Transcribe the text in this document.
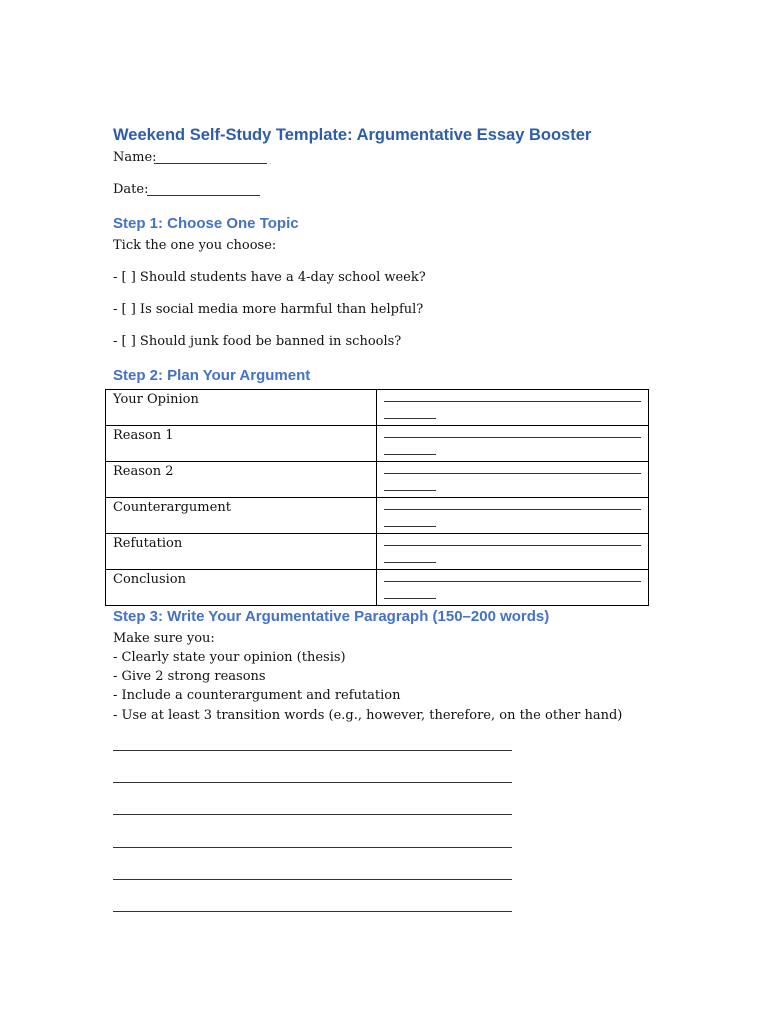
Weekend Self-Study Template: Argumentative Essay Booster
Name:
Date:
Step 1: Choose One Topic
Tick the one you choose:
- [ ] Should students have a 4-day school week?
- [ ] Is social media more harmful than helpful?
- [ ] Should junk food be banned in schools?
Step 2: Plan Your Argument
Your Opinion	

Reason 1	

Reason 2	

Counterargument	

Refutation	

Conclusion	
Step 3: Write Your Argumentative Paragraph (150–200 words)
Make sure you:
- Clearly state your opinion (thesis)
- Give 2 strong reasons
- Include a counterargument and refutation
- Use at least 3 transition words (e.g., however, therefore, on the other hand)
